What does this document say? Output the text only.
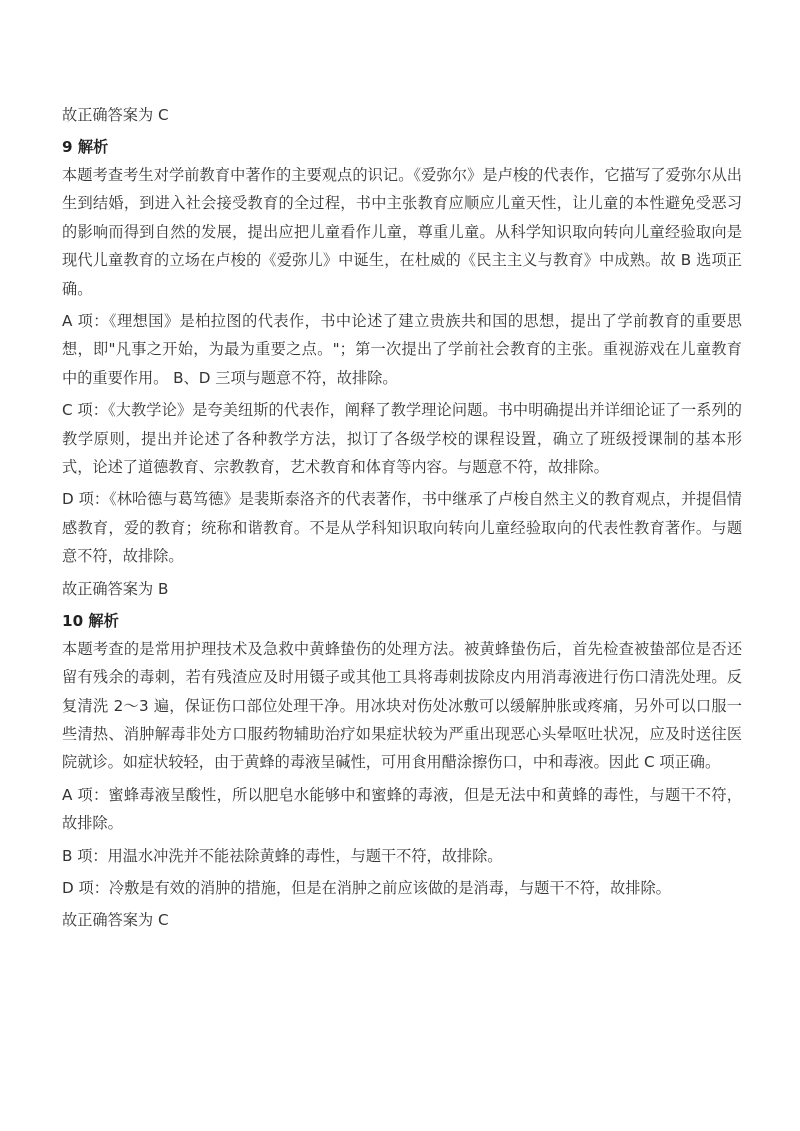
故正确答案为 C

9 解析

本题考查考生对学前教育中著作的主要观点的识记。《爱弥尔》是卢梭的代表作，它描写了爱弥尔从出生到结婚，到进入社会接受教育的全过程，书中主张教育应顺应儿童天性，让儿童的本性避免受恶习的影响而得到自然的发展，提出应把儿童看作儿童，尊重儿童。从科学知识取向转向儿童经验取向是现代儿童教育的立场在卢梭的《爱弥儿》中诞生，在杜威的《民主主义与教育》中成熟。故 B 选项正确。

A 项：《理想国》是柏拉图的代表作，书中论述了建立贵族共和国的思想，提出了学前教育的重要思想，即"凡事之开始，为最为重要之点。"；第一次提出了学前社会教育的主张。重视游戏在儿童教育中的重要作用。 B、D 三项与题意不符，故排除。

C 项：《大教学论》是夸美纽斯的代表作，阐释了教学理论问题。书中明确提出并详细论证了一系列的教学原则，提出并论述了各种教学方法，拟订了各级学校的课程设置，确立了班级授课制的基本形式，论述了道德教育、宗教教育，艺术教育和体育等内容。与题意不符，故排除。

D 项：《林哈德与葛笃德》是裴斯泰洛齐的代表著作，书中继承了卢梭自然主义的教育观点，并提倡情感教育，爱的教育；统称和谐教育。不是从学科知识取向转向儿童经验取向的代表性教育著作。与题意不符，故排除。

故正确答案为 B

10 解析

本题考查的是常用护理技术及急救中黄蜂蛰伤的处理方法。被黄蜂蛰伤后，首先检查被蛰部位是否还留有残余的毒刺，若有残渣应及时用镊子或其他工具将毒刺拔除皮内用消毒液进行伤口清洗处理。反复清洗 2～3 遍，保证伤口部位处理干净。用冰块对伤处冰敷可以缓解肿胀或疼痛，另外可以口服一些清热、消肿解毒非处方口服药物辅助治疗如果症状较为严重出现恶心头晕呕吐状况，应及时送往医院就诊。如症状较轻，由于黄蜂的毒液呈碱性，可用食用醋涂擦伤口，中和毒液。因此 C 项正确。

A 项：蜜蜂毒液呈酸性，所以肥皂水能够中和蜜蜂的毒液，但是无法中和黄蜂的毒性，与题干不符，故排除。

B 项：用温水冲洗并不能祛除黄蜂的毒性，与题干不符，故排除。

D 项：冷敷是有效的消肿的措施，但是在消肿之前应该做的是消毒，与题干不符，故排除。

故正确答案为 C
